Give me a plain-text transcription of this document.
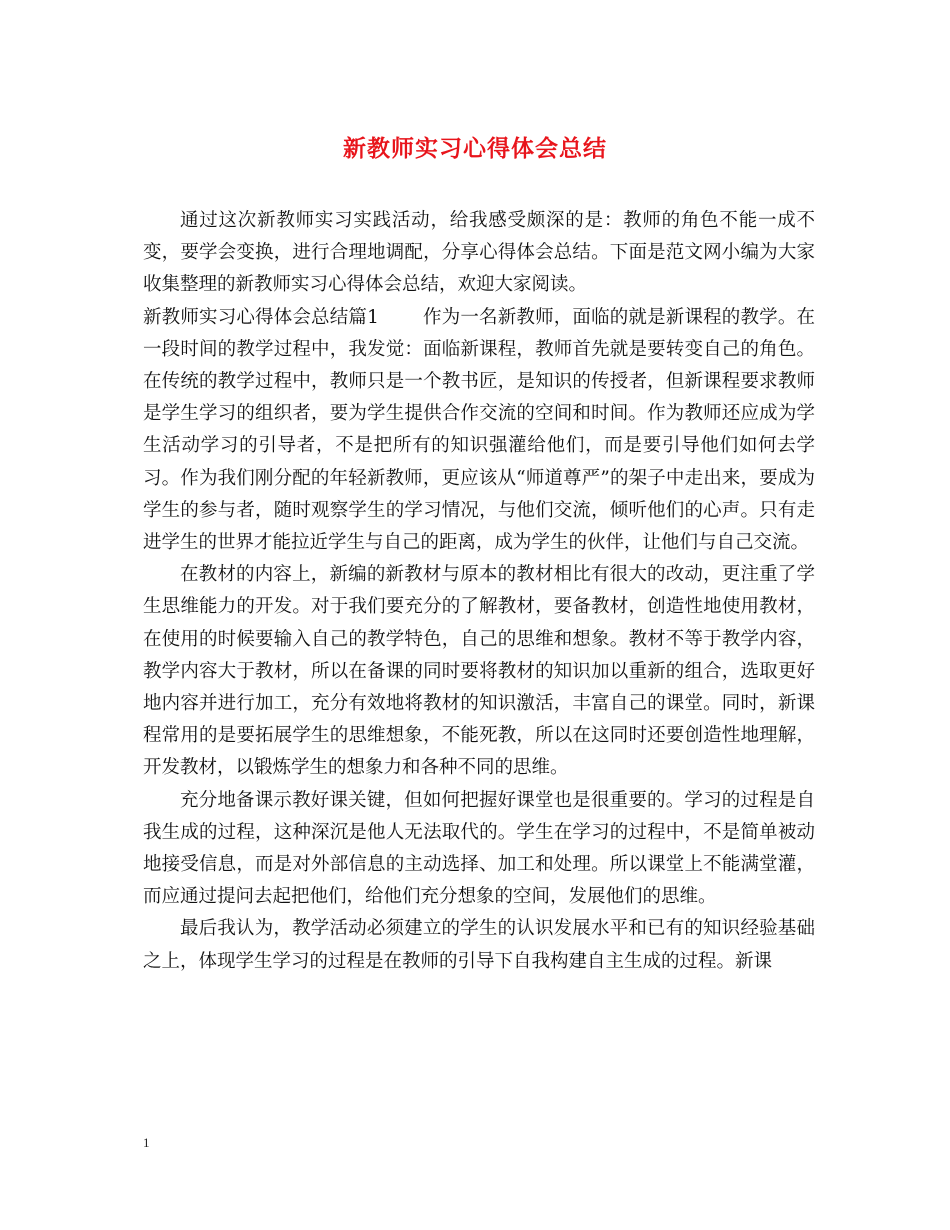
新教师实习心得体会总结

通过这次新教师实习实践活动，给我感受颇深的是：教师的角色不能一成不变，要学会变换，进行合理地调配，分享心得体会总结。下面是范文网小编为大家收集整理的新教师实习心得体会总结，欢迎大家阅读。

新教师实习心得体会总结篇1 作为一名新教师，面临的就是新课程的教学。在一段时间的教学过程中，我发觉：面临新课程，教师首先就是要转变自己的角色。在传统的教学过程中，教师只是一个教书匠，是知识的传授者，但新课程要求教师是学生学习的组织者，要为学生提供合作交流的空间和时间。作为教师还应成为学生活动学习的引导者，不是把所有的知识强灌给他们，而是要引导他们如何去学习。作为我们刚分配的年轻新教师，更应该从“师道尊严”的架子中走出来，要成为学生的参与者，随时观察学生的学习情况，与他们交流，倾听他们的心声。只有走进学生的世界才能拉近学生与自己的距离，成为学生的伙伴，让他们与自己交流。

在教材的内容上，新编的新教材与原本的教材相比有很大的改动，更注重了学生思维能力的开发。对于我们要充分的了解教材，要备教材，创造性地使用教材，在使用的时候要输入自己的教学特色，自己的思维和想象。教材不等于教学内容，教学内容大于教材，所以在备课的同时要将教材的知识加以重新的组合，选取更好地内容并进行加工，充分有效地将教材的知识激活，丰富自己的课堂。同时，新课程常用的是要拓展学生的思维想象，不能死教，所以在这同时还要创造性地理解，开发教材，以锻炼学生的想象力和各种不同的思维。

充分地备课示教好课关键，但如何把握好课堂也是很重要的。学习的过程是自我生成的过程，这种深沉是他人无法取代的。学生在学习的过程中，不是简单被动地接受信息，而是对外部信息的主动选择、加工和处理。所以课堂上不能满堂灌，而应通过提问去起把他们，给他们充分想象的空间，发展他们的思维。

最后我认为，教学活动必须建立的学生的认识发展水平和已有的知识经验基础之上，体现学生学习的过程是在教师的引导下自我构建自主生成的过程。新课

1
